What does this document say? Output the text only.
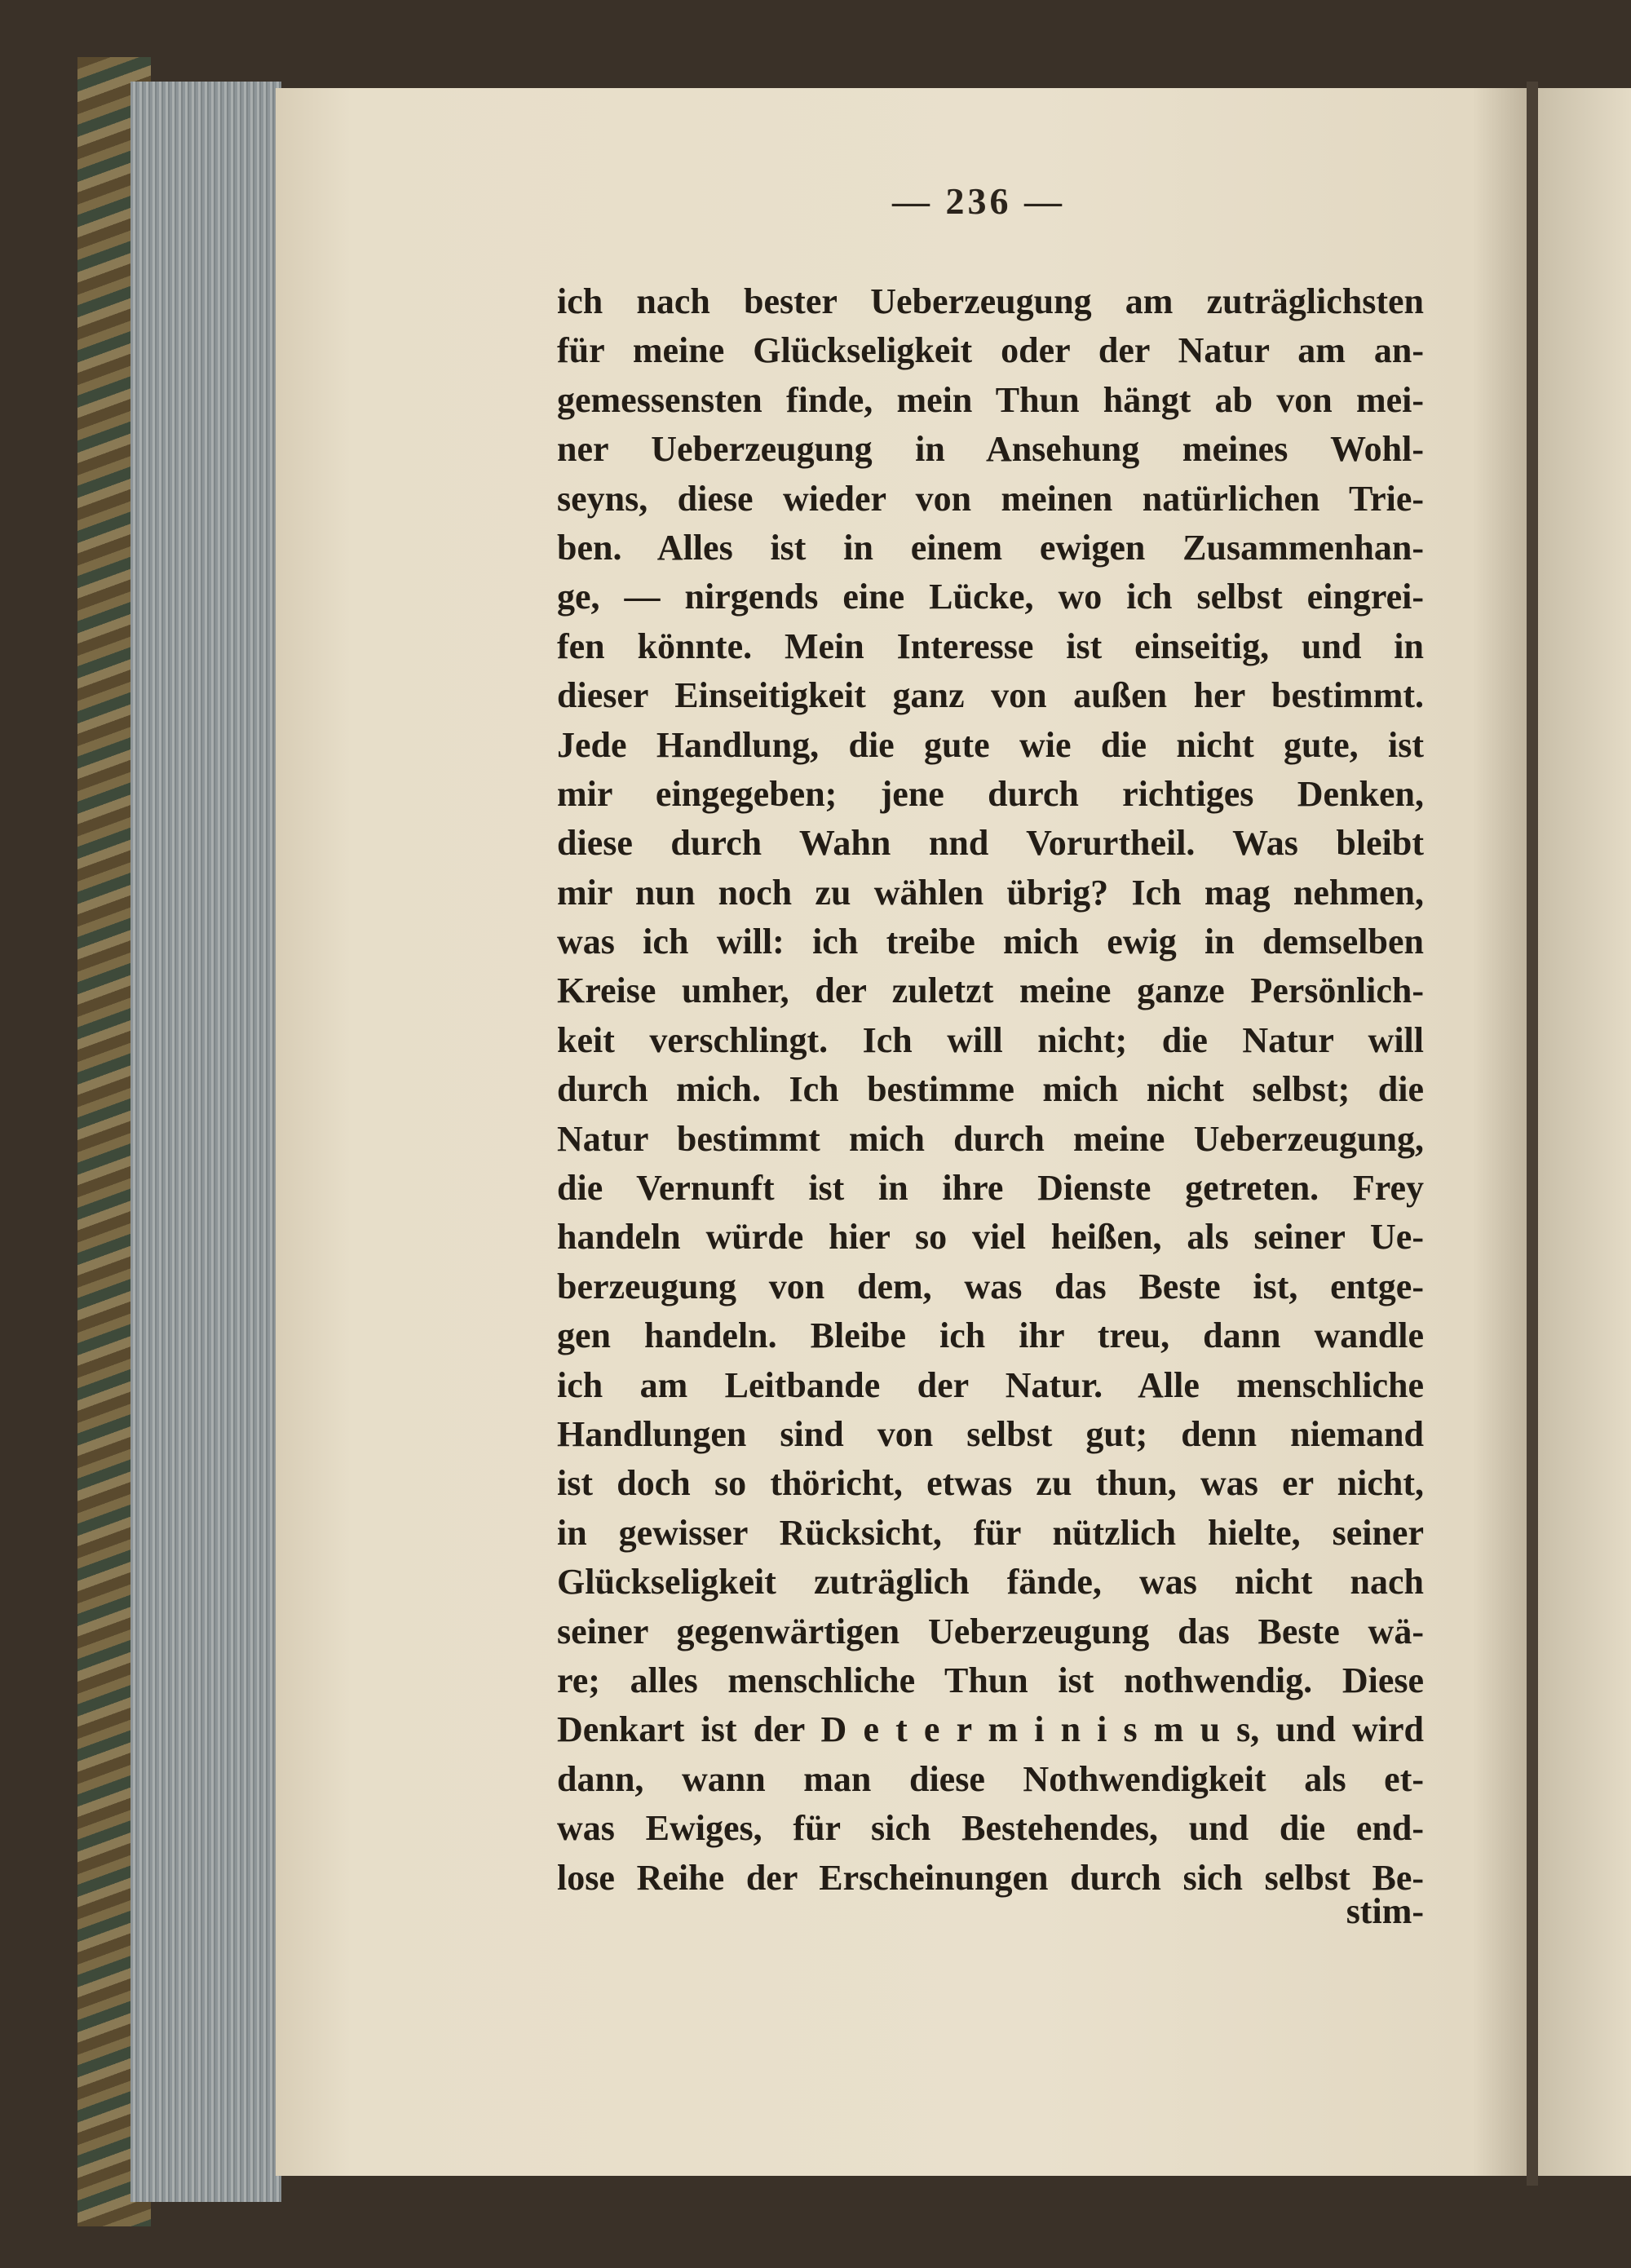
— 236 —
ich nach bester Ueberzeugung am zuträglichsten
für meine Glückseligkeit oder der Natur am an-
gemessensten finde, mein Thun hängt ab von mei-
ner Ueberzeugung in Ansehung meines Wohl-
seyns, diese wieder von meinen natürlichen Trie-
ben. Alles ist in einem ewigen Zusammenhan-
ge, — nirgends eine Lücke, wo ich selbst eingrei-
fen könnte. Mein Interesse ist einseitig, und in
dieser Einseitigkeit ganz von außen her bestimmt.
Jede Handlung, die gute wie die nicht gute, ist
mir eingegeben; jene durch richtiges Denken,
diese durch Wahn nnd Vorurtheil. Was bleibt
mir nun noch zu wählen übrig? Ich mag nehmen,
was ich will: ich treibe mich ewig in demselben
Kreise umher, der zuletzt meine ganze Persönlich-
keit verschlingt. Ich will nicht; die Natur will
durch mich. Ich bestimme mich nicht selbst; die
Natur bestimmt mich durch meine Ueberzeugung,
die Vernunft ist in ihre Dienste getreten. Frey
handeln würde hier so viel heißen, als seiner Ue-
berzeugung von dem, was das Beste ist, entge-
gen handeln. Bleibe ich ihr treu, dann wandle
ich am Leitbande der Natur. Alle menschliche
Handlungen sind von selbst gut; denn niemand
ist doch so thöricht, etwas zu thun, was er nicht,
in gewisser Rücksicht, für nützlich hielte, seiner
Glückseligkeit zuträglich fände, was nicht nach
seiner gegenwärtigen Ueberzeugung das Beste wä-
re; alles menschliche Thun ist nothwendig. Diese
Denkart ist der D e t e r m i n i s m u s, und wird
dann, wann man diese Nothwendigkeit als et-
was Ewiges, für sich Bestehendes, und die end-
lose Reihe der Erscheinungen durch sich selbst Be-
stim-
